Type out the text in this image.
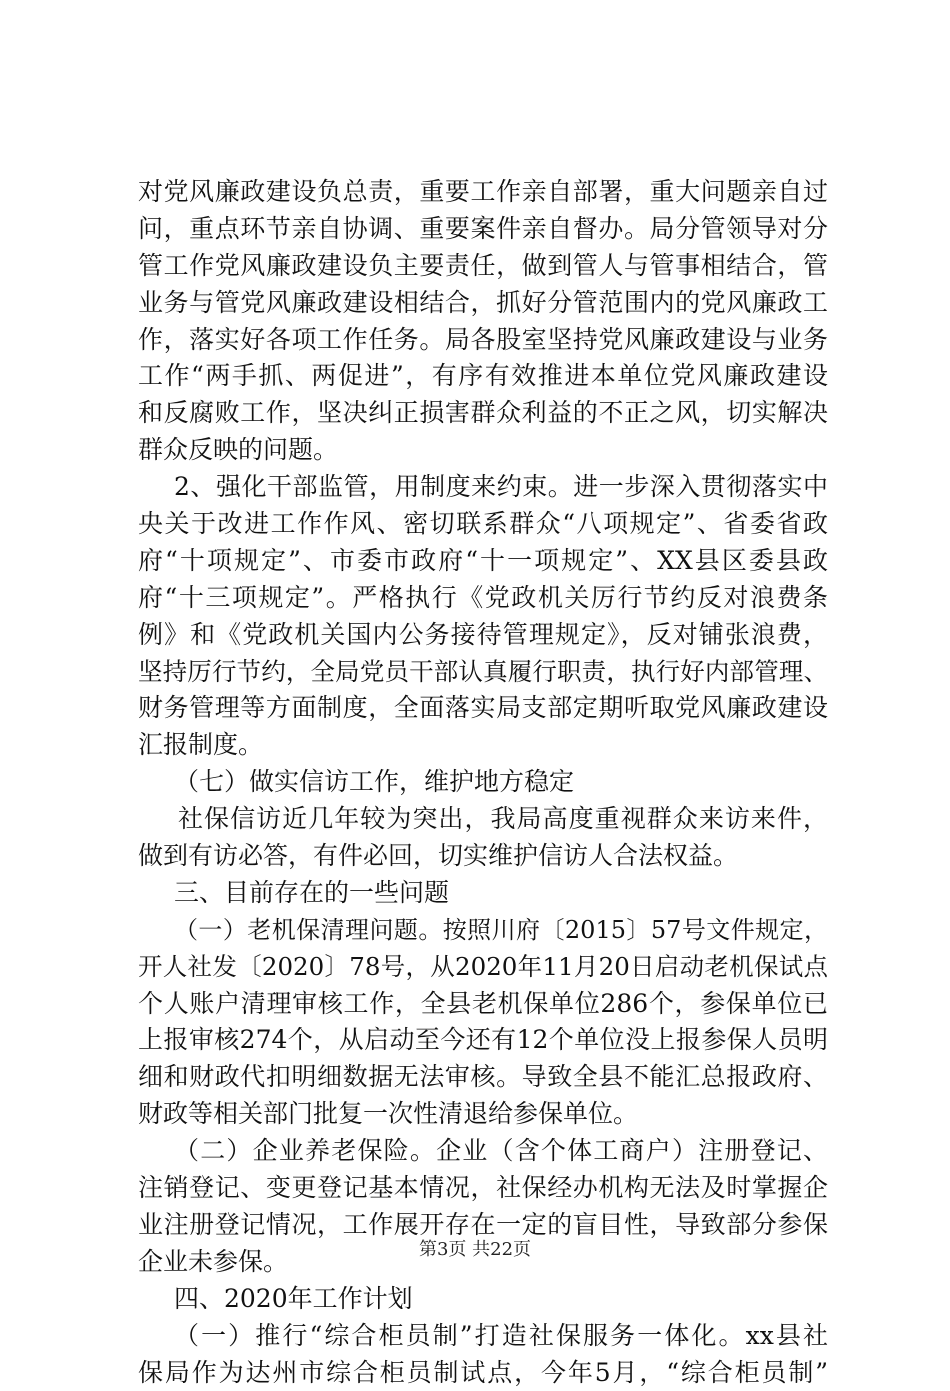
对党风廉政建设负总责，重要工作亲自部署，重大问题亲自过
问，重点环节亲自协调、重要案件亲自督办。局分管领导对分
管工作党风廉政建设负主要责任，做到管人与管事相结合，管
业务与管党风廉政建设相结合，抓好分管范围内的党风廉政工
作，落实好各项工作任务。局各股室坚持党风廉政建设与业务
工作“两手抓、两促进”，有序有效推进本单位党风廉政建设
和反腐败工作，坚决纠正损害群众利益的不正之风，切实解决
群众反映的问题。
2、强化干部监管，用制度来约束。进一步深入贯彻落实中
央关于改进工作作风、密切联系群众“八项规定”、省委省政
府“十项规定”、市委市政府“十一项规定”、XX县区委县政
府“十三项规定”。严格执行《党政机关厉行节约反对浪费条
例》和《党政机关国内公务接待管理规定》，反对铺张浪费，
坚持厉行节约，全局党员干部认真履行职责，执行好内部管理、
财务管理等方面制度，全面落实局支部定期听取党风廉政建设
汇报制度。
（七）做实信访工作，维护地方稳定
社保信访近几年较为突出，我局高度重视群众来访来件，
做到有访必答，有件必回，切实维护信访人合法权益。
三、目前存在的一些问题
（一）老机保清理问题。按照川府〔2015〕57号文件规定，
开人社发〔2020〕78号，从2020年11月20日启动老机保试点
个人账户清理审核工作，全县老机保单位286个，参保单位已
上报审核274个，从启动至今还有12个单位没上报参保人员明
细和财政代扣明细数据无法审核。导致全县不能汇总报政府、
财政等相关部门批复一次性清退给参保单位。
（二）企业养老保险。企业（含个体工商户）注册登记、
注销登记、变更登记基本情况，社保经办机构无法及时掌握企
业注册登记情况，工作展开存在一定的盲目性，导致部分参保
企业未参保。
四、2020年工作计划
（一）推行“综合柜员制”打造社保服务一体化。xx县社
保局作为达州市综合柜员制试点，今年5月，“综合柜员制”
第3页 共22页
